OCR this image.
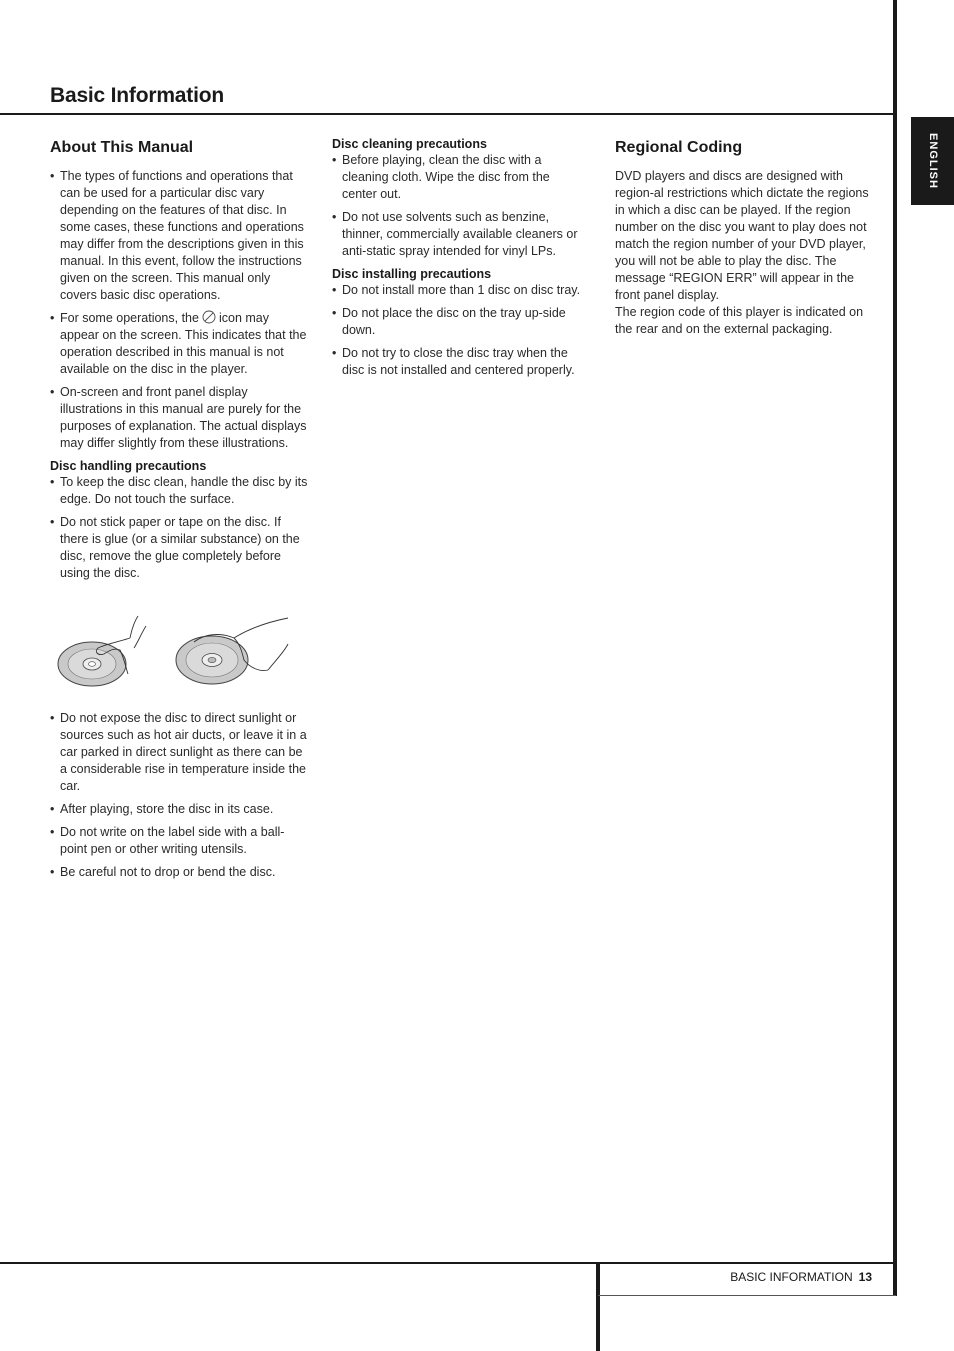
Basic Information
ENGLISH
About This Manual
• The types of functions and operations that can be used for a particular disc vary depending on the features of that disc. In some cases, these functions and operations may differ from the descriptions given in this manual. In this event, follow the instructions given on the screen. This manual only covers basic disc operations.
• For some operations, the icon may appear on the screen. This indicates that the operation described in this manual is not available on the disc in the player.
• On-screen and front panel display illustrations in this manual are purely for the purposes of explanation. The actual displays may differ slightly from these illustrations.
Disc handling precautions
• To keep the disc clean, handle the disc by its edge. Do not touch the surface.
• Do not stick paper or tape on the disc. If there is glue (or a similar substance) on the disc, remove the glue completely before using the disc.
• Do not expose the disc to direct sunlight or sources such as hot air ducts, or leave it in a car parked in direct sunlight as there can be a considerable rise in temperature inside the car.
• After playing, store the disc in its case.
• Do not write on the label side with a ball-point pen or other writing utensils.
• Be careful not to drop or bend the disc.
Disc cleaning precautions
• Before playing, clean the disc with a cleaning cloth. Wipe the disc from the center out.
• Do not use solvents such as benzine, thinner, commercially available cleaners or anti-static spray intended for vinyl LPs.
Disc installing precautions
• Do not install more than 1 disc on disc tray.
• Do not place the disc on the tray up-side down.
• Do not try to close the disc tray when the disc is not installed and centered properly.
Regional Coding

DVD players and discs are designed with region-al restrictions which dictate the regions in which a disc can be played. If the region number on the disc you want to play does not match the region number of your DVD player, you will not be able to play the disc. The message “REGION ERR” will appear in the front panel display.

The region code of this player is indicated on the rear and on the external packaging.

BASIC INFORMATION 13
